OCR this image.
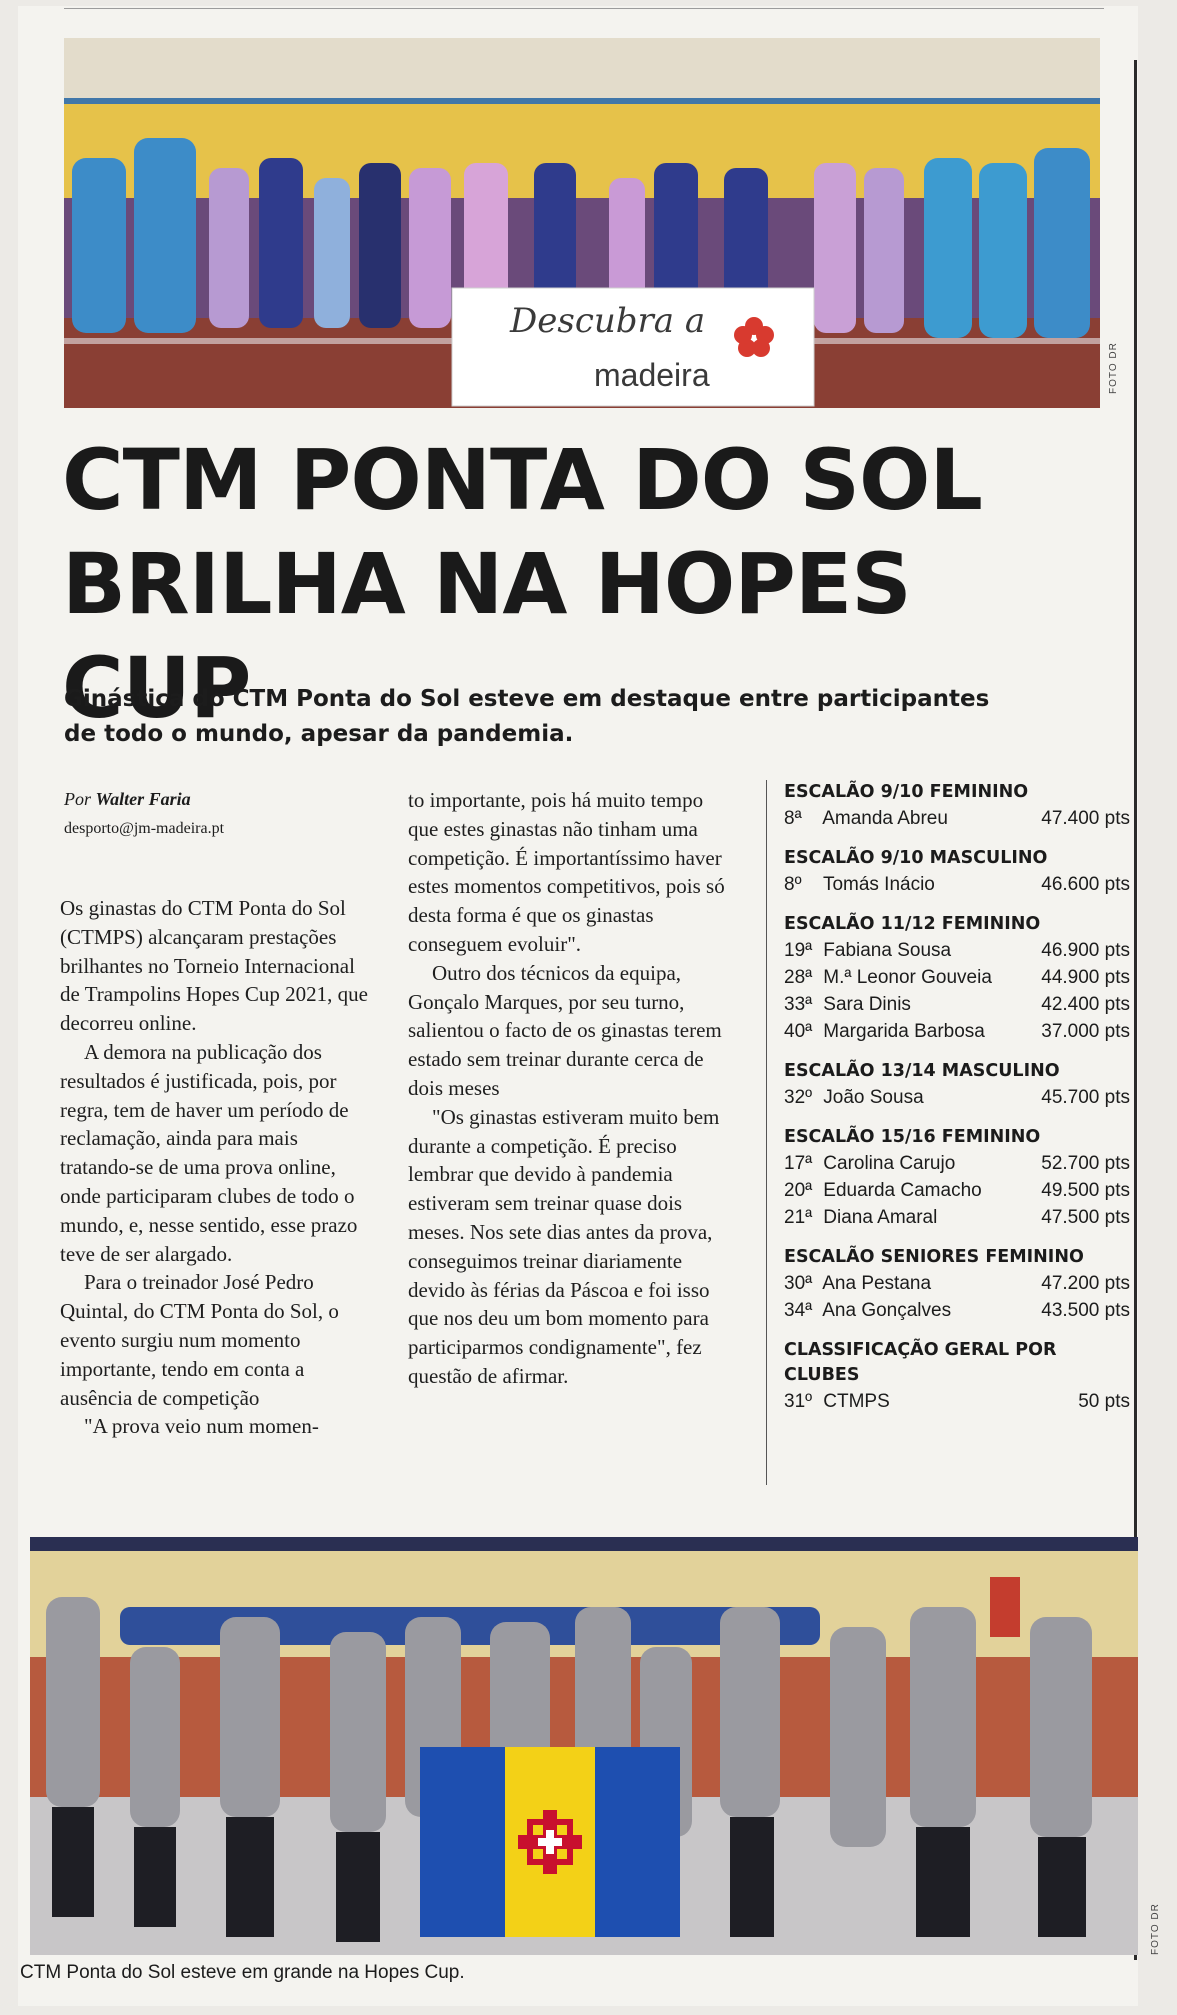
Descubra a
madeira	FOTO DR
CTM PONTA DO SOL
BRILHA NA HOPES CUP
Ginástica do CTM Ponta do Sol esteve em destaque entre participantes de todo o mundo, apesar da pandemia.
Por Walter Faria
desporto@jm-madeira.pt

Os ginastas do CTM Ponta do Sol (CTMPS) alcançaram prestações brilhantes no Torneio Internacional de Trampolins Hopes Cup 2021, que decorreu online.

A demora na publicação dos resultados é justificada, pois, por regra, tem de haver um período de reclamação, ainda para mais tratando-se de uma prova online, onde participaram clubes de todo o mundo, e, nesse sentido, esse prazo teve de ser alargado.

Para o treinador José Pedro Quintal, do CTM Ponta do Sol, o evento surgiu num momento importante, tendo em conta a ausência de competição

"A prova veio num momen-

to importante, pois há muito tempo que estes ginastas não tinham uma competição. É importantíssimo haver estes momentos competitivos, pois só desta forma é que os ginastas conseguem evoluir".

Outro dos técnicos da equipa, Gonçalo Marques, por seu turno, salientou o facto de os ginastas terem estado sem treinar durante cerca de dois meses

"Os ginastas estiveram muito bem durante a competição. É preciso lembrar que devido à pandemia estiveram sem treinar quase dois meses. Nos sete dias antes da prova, conseguimos treinar diariamente devido às férias da Páscoa e foi isso que nos deu um bom momento para participarmos condignamente", fez questão de afirmar.

ESCALÃO 9/10 FEMININO
8ª Amanda Abreu	47.400 pts
ESCALÃO 9/10 MASCULINO
8º Tomás Inácio	46.600 pts
ESCALÃO 11/12 FEMININO
19ª Fabiana Sousa	46.900 pts
28ª M.ª Leonor Gouveia	44.900 pts
33ª Sara Dinis	42.400 pts
40ª Margarida Barbosa	37.000 pts
ESCALÃO 13/14 MASCULINO
32º João Sousa	45.700 pts
ESCALÃO 15/16 FEMININO
17ª Carolina Carujo	52.700 pts
20ª Eduarda Camacho	49.500 pts
21ª Diana Amaral	47.500 pts
ESCALÃO SENIORES FEMININO
30ª Ana Pestana	47.200 pts
34ª Ana Gonçalves	43.500 pts
CLASSIFICAÇÃO GERAL POR CLUBES
31º CTMPS	50 pts
FOTO DR
CTM Ponta do Sol esteve em grande na Hopes Cup.
